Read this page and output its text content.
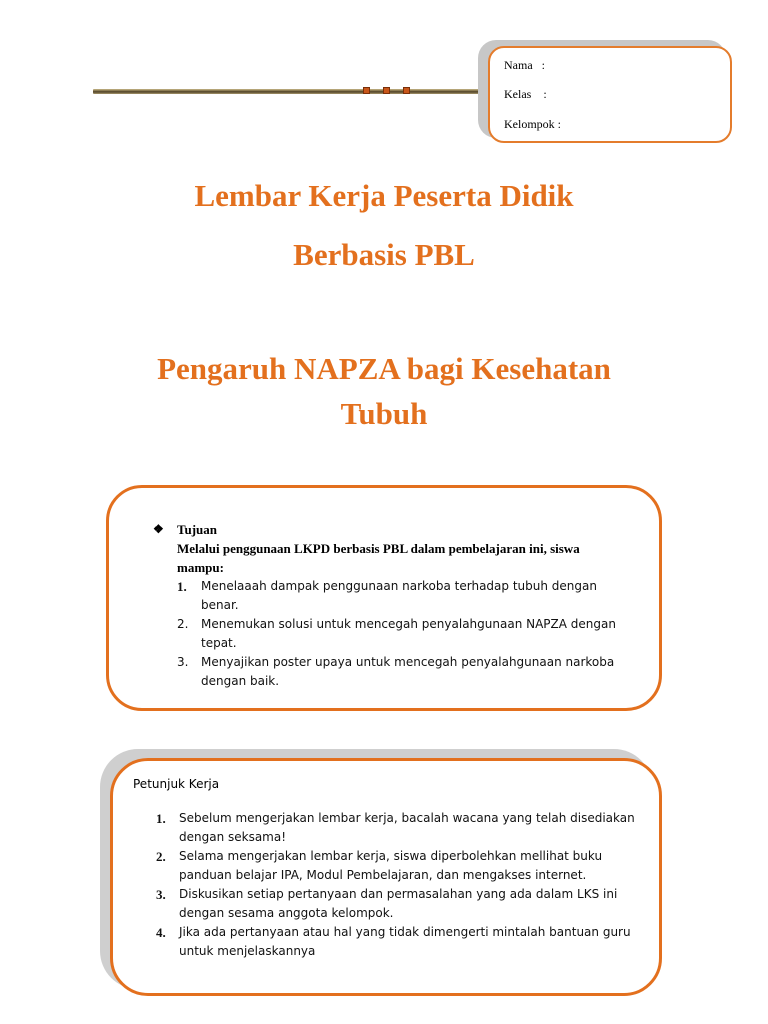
Nama :
Kelas :
Kelompok :
Lembar Kerja Peserta Didik
Berbasis PBL
Pengaruh NAPZA bagi Kesehatan
Tubuh
❖ Tujuan
Melalui penggunaan LKPD berbasis PBL dalam pembelajaran ini, siswa mampu:
1. Menelaaah dampak penggunaan narkoba terhadap tubuh dengan benar.
2. Menemukan solusi untuk mencegah penyalahgunaan NAPZA dengan tepat.
3. Menyajikan poster upaya untuk mencegah penyalahgunaan narkoba dengan baik.
Petunjuk Kerja
1. Sebelum mengerjakan lembar kerja, bacalah wacana yang telah disediakan dengan seksama!
2. Selama mengerjakan lembar kerja, siswa diperbolehkan mellihat buku panduan belajar IPA, Modul Pembelajaran, dan mengakses internet.
3. Diskusikan setiap pertanyaan dan permasalahan yang ada dalam LKS ini dengan sesama anggota kelompok.
4. Jika ada pertanyaan atau hal yang tidak dimengerti mintalah bantuan guru untuk menjelaskannya
